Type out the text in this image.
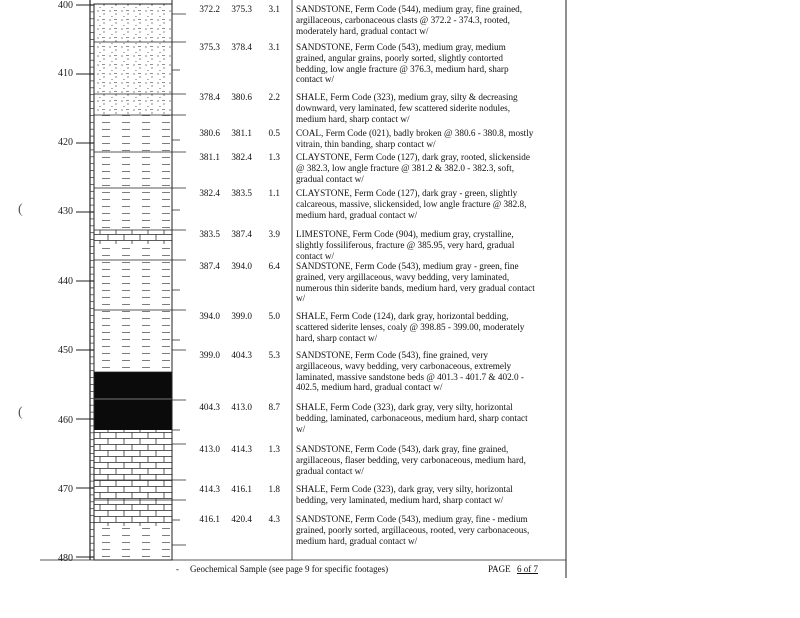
400
410
420
430
440
450
460
470
480
372.2	375.3	3.1 SANDSTONE, Ferm Code (544), medium gray, fine grained,
argillaceous, carbonaceous clasts @ 372.2 - 374.3, rooted,
moderately hard, gradual contact w/
375.3	378.4	3.1 SANDSTONE, Ferm Code (543), medium gray, medium
grained, angular grains, poorly sorted, slightly contorted
bedding, low angle fracture @ 376.3, medium hard, sharp
contact w/
378.4	380.6	2.2 SHALE, Ferm Code (323), medium gray, silty & decreasing
downward, very laminated, few scattered siderite nodules,
medium hard, sharp contact w/
380.6	381.1	0.5 COAL, Ferm Code (021), badly broken @ 380.6 - 380.8, mostly
vitrain, thin banding, sharp contact w/
381.1	382.4	1.3 CLAYSTONE, Ferm Code (127), dark gray, rooted, slickenside
@ 382.3, low angle fracture @ 381.2 & 382.0 - 382.3, soft,
gradual contact w/
382.4	383.5	1.1 CLAYSTONE, Ferm Code (127), dark gray - green, slightly
calcareous, massive, slickensided, low angle fracture @ 382.8,
medium hard, gradual contact w/
383.5	387.4	3.9 LIMESTONE, Ferm Code (904), medium gray, crystalline,
slightly fossiliferous, fracture @ 385.95, very hard, gradual
contact w/
387.4	394.0	6.4 SANDSTONE, Ferm Code (543), medium gray - green, fine
grained, very argillaceous, wavy bedding, very laminated,
numerous thin siderite bands, medium hard, very gradual contact
w/
394.0	399.0	5.0 SHALE, Ferm Code (124), dark gray, horizontal bedding,
scattered siderite lenses, coaly @ 398.85 - 399.00, moderately
hard, sharp contact w/
399.0	404.3	5.3 SANDSTONE, Ferm Code (543), fine grained, very
argillaceous, wavy bedding, very carbonaceous, extremely
laminated, massive sandstone beds @ 401.3 - 401.7 & 402.0 -
402.5, medium hard, gradual contact w/
404.3	413.0	8.7 SHALE, Ferm Code (323), dark gray, very silty, horizontal
bedding, laminated, carbonaceous, medium hard, sharp contact
w/
413.0	414.3	1.3 SANDSTONE, Ferm Code (543), dark gray, fine grained,
argillaceous, flaser bedding, very carbonaceous, medium hard,
gradual contact w/
414.3	416.1	1.8 SHALE, Ferm Code (323), dark gray, very silty, horizontal
bedding, very laminated, medium hard, sharp contact w/
416.1	420.4	4.3 SANDSTONE, Ferm Code (543), medium gray, fine - medium
grained, poorly sorted, argillaceous, rooted, very carbonaceous,
medium hard, gradual contact w/
- Geochemical Sample (see page 9 for specific footages)	PAGE 6 of 7
(
(
